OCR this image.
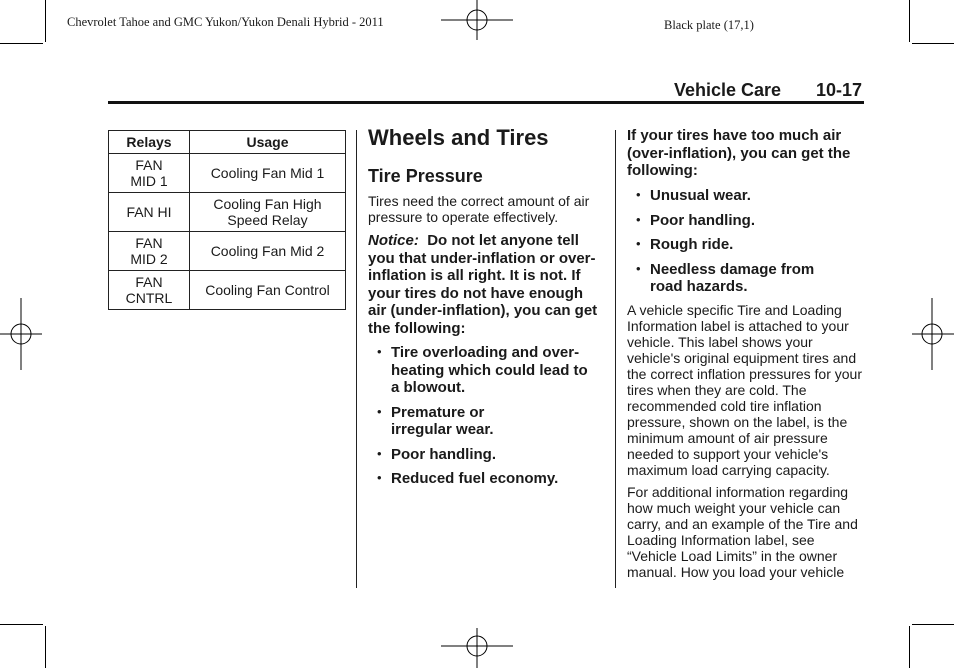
Chevrolet Tahoe and GMC Yukon/Yukon Denali Hybrid - 2011	Black plate (17,1)
Vehicle Care 10-17
Relays	Usage

FAN
MID 1	Cooling Fan Mid 1

FAN HI	Cooling Fan High
Speed Relay

FAN
MID 2	Cooling Fan Mid 2

FAN
CNTRL	Cooling Fan Control
Wheels and Tires
Tire Pressure
Tires need the correct amount of air pressure to operate effectively.
Notice: Do not let anyone tell you that under-inflation or over-inflation is all right. It is not. If your tires do not have enough air (under-inflation), you can get the following:
• Tire overloading and over-heating which could lead to a blowout.
• Premature or irregular wear.
• Poor handling.
• Reduced fuel economy.
If your tires have too much air (over-inflation), you can get the following:
• Unusual wear.
• Poor handling.
• Rough ride.
• Needless damage from road hazards.
A vehicle specific Tire and Loading Information label is attached to your vehicle. This label shows your vehicle's original equipment tires and the correct inflation pressures for your tires when they are cold. The recommended cold tire inflation pressure, shown on the label, is the minimum amount of air pressure needed to support your vehicle's maximum load carrying capacity.
For additional information regarding how much weight your vehicle can carry, and an example of the Tire and Loading Information label, see “Vehicle Load Limits” in the owner manual. How you load your vehicle
